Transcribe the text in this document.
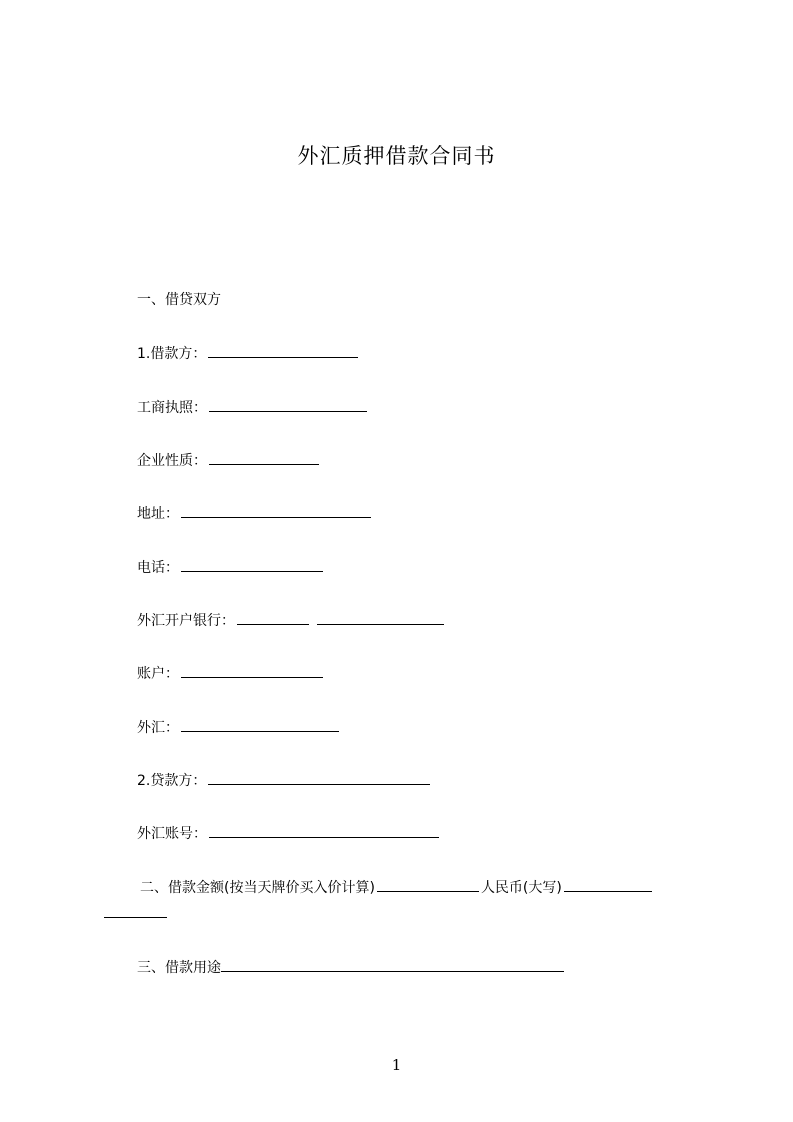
外汇质押借款合同书
一、借贷双方
1.借款方：
工商执照：
企业性质：
地址：
电话：
外汇开户银行：
账户：
外汇：
2.贷款方：
外汇账号：
二、借款金额(按当天牌价买入价计算)	人民币(大写)
三、借款用途
1
